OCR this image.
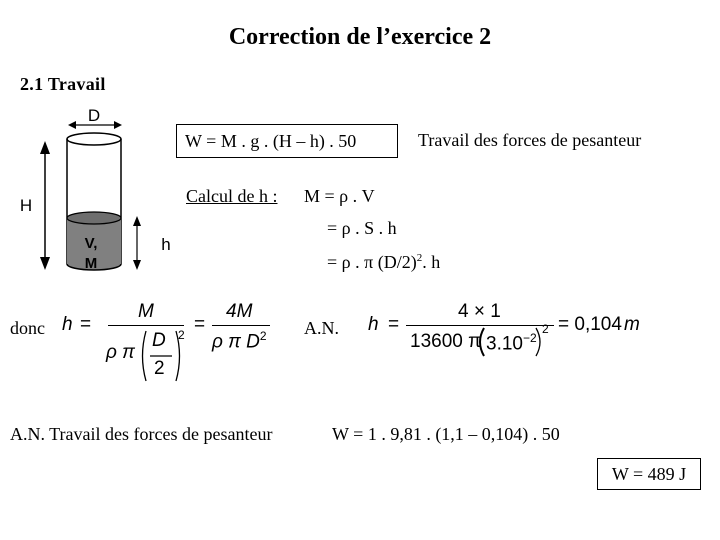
Correction de l’exercice 2
2.1 Travail
D
V,
M
H
h
W = M . g . (H – h) . 50	Travail des forces de pesanteur
Calcul de h : M = ρ . V
= ρ . S . h
= ρ . π $(D/2)^2$. h
donc h =
M
ρ π
D
2
2 =
4M
ρ π $D^2$ A.N. h =
4 × 1
13600 π $3.10^{-2}$
2 = 0,104 m
A.N. Travail des forces de pesanteur	W = 1 . 9,81 . (1,1 – 0,104) . 50
W = 489 J
